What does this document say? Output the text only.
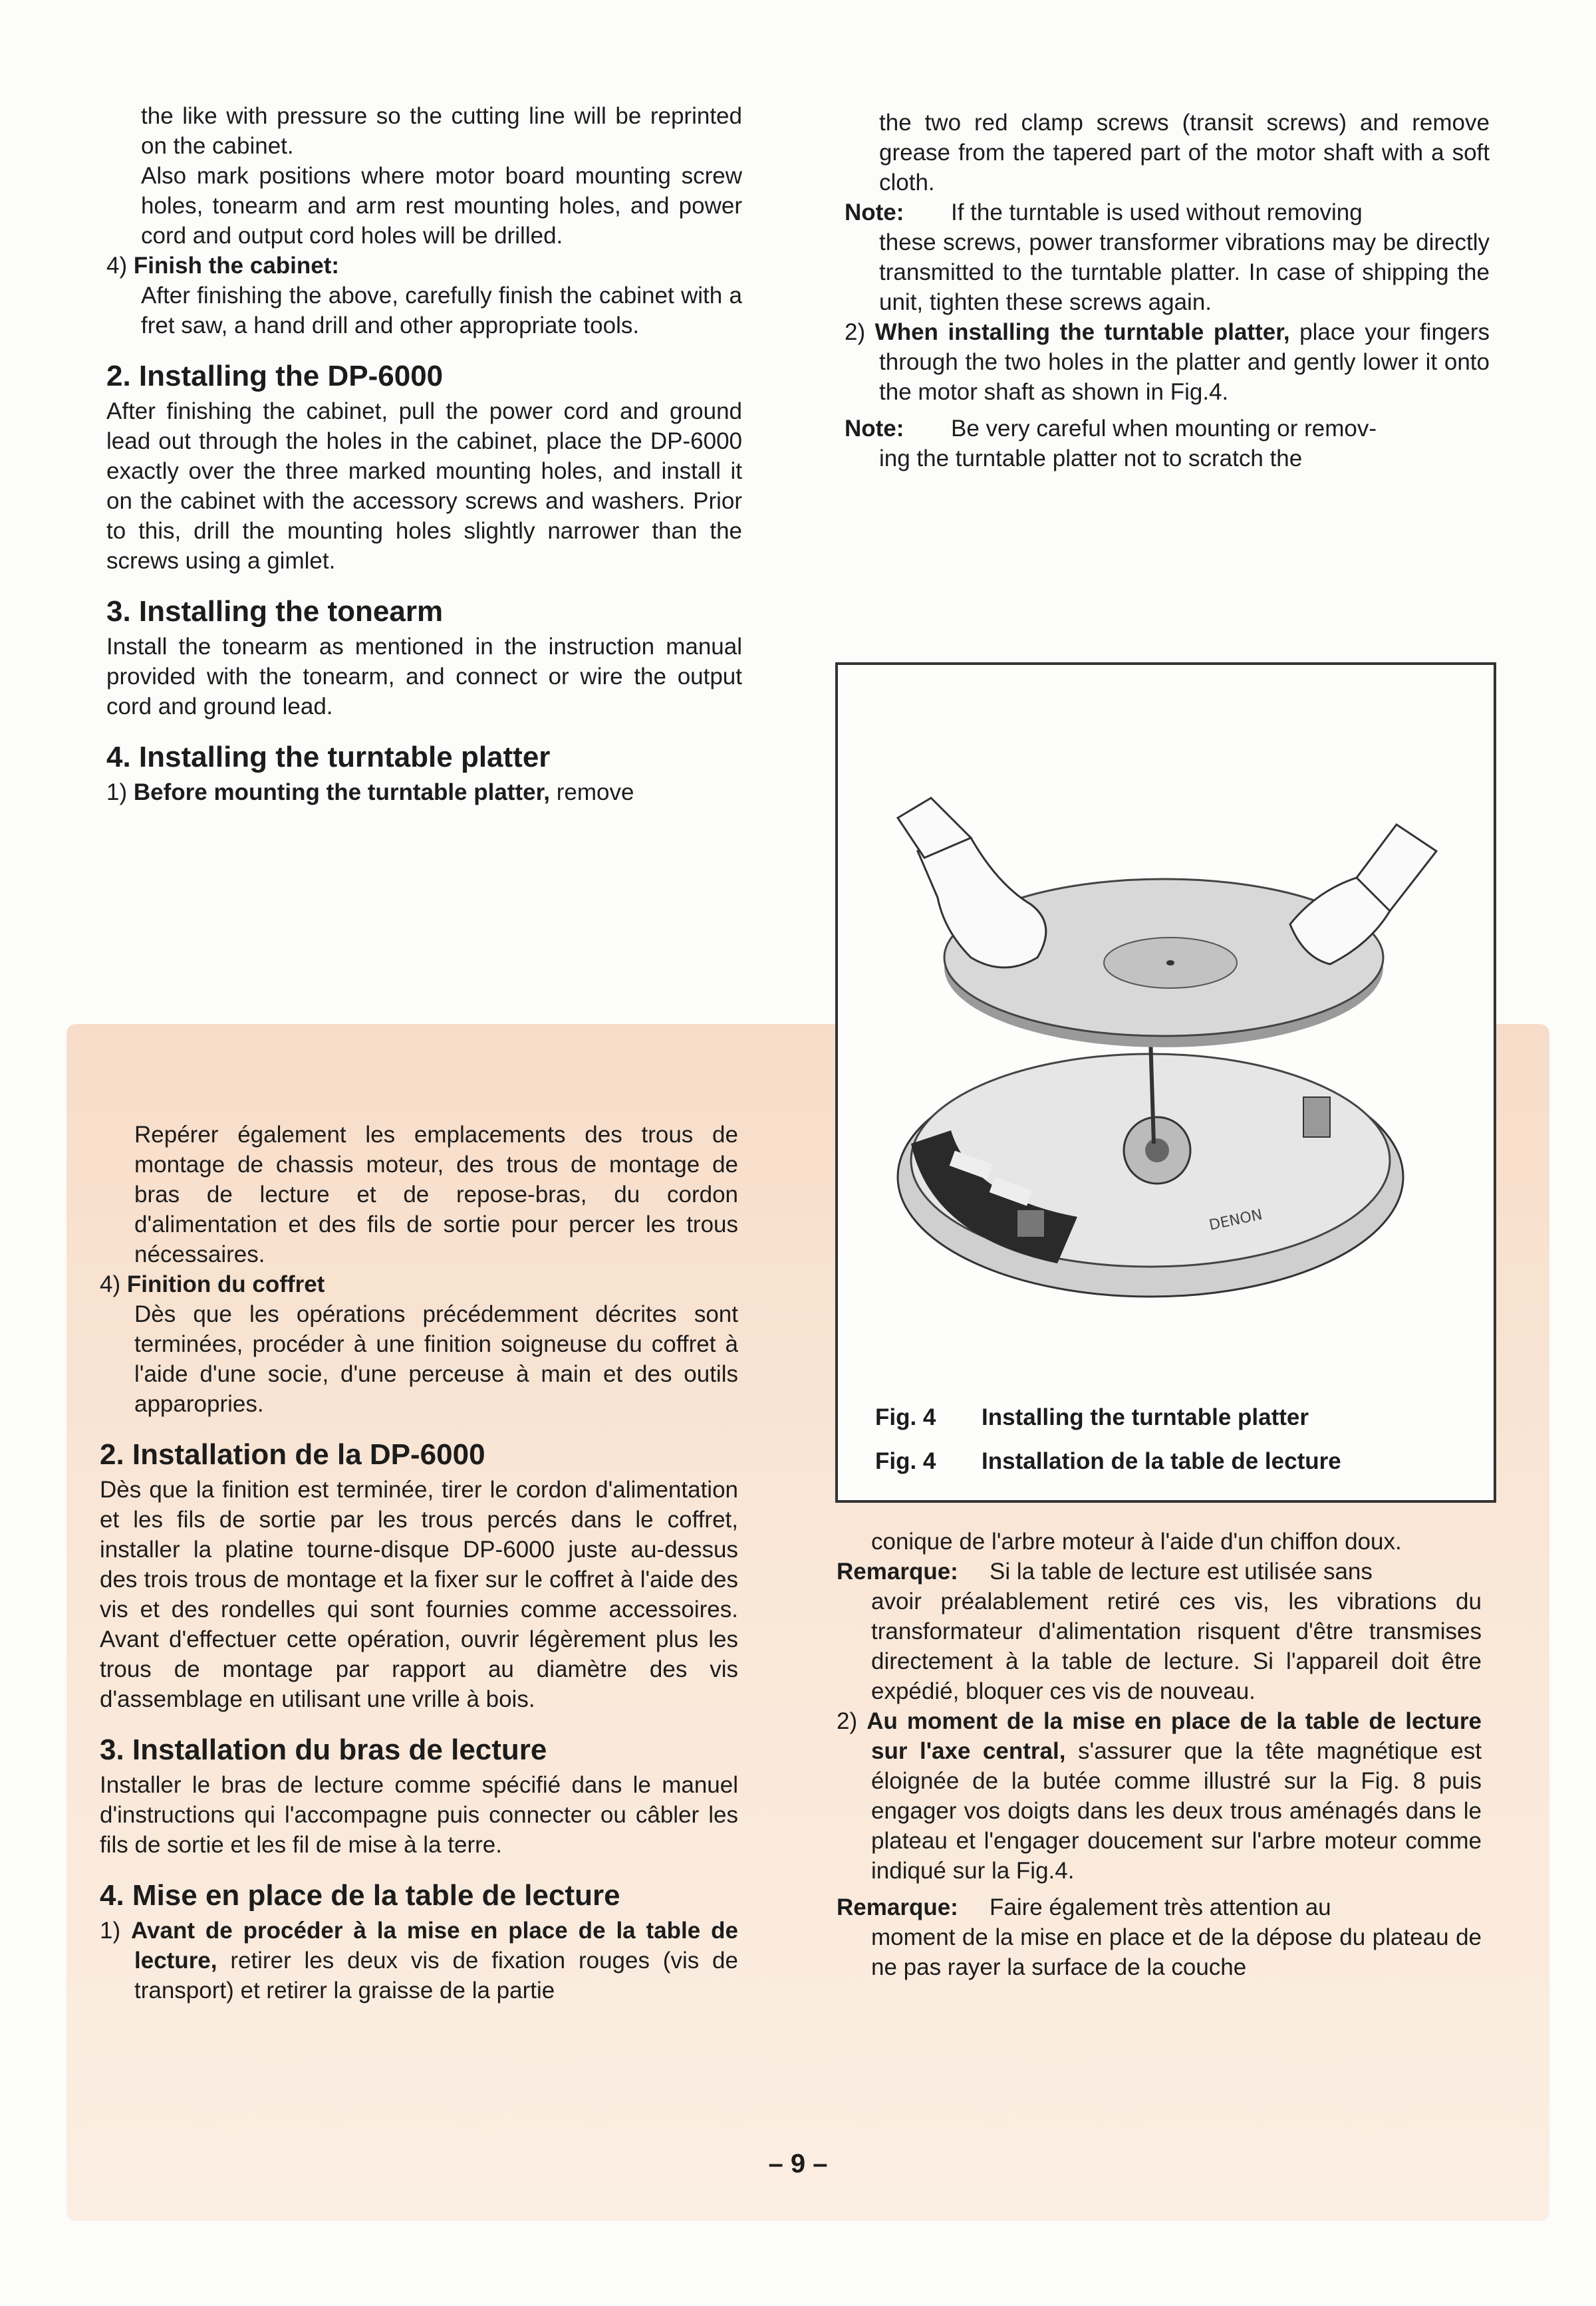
the like with pressure so the cutting line will be reprinted on the cabinet.

Also mark positions where motor board mounting screw holes, tonearm and arm rest mounting holes, and power cord and output cord holes will be drilled.

4) Finish the cabinet:

After finishing the above, carefully finish the cabinet with a fret saw, a hand drill and other appropriate tools.

2. Installing the DP-6000

After finishing the cabinet, pull the power cord and ground lead out through the holes in the cabinet, place the DP-6000 exactly over the three marked mounting holes, and install it on the cabinet with the accessory screws and washers. Prior to this, drill the mounting holes slightly narrower than the screws using a gimlet.

3. Installing the tonearm

Install the tonearm as mentioned in the instruction manual provided with the tonearm, and connect or wire the output cord and ground lead.

4. Installing the turntable platter

1) Before mounting the turntable platter, remove

the two red clamp screws (transit screws) and remove grease from the tapered part of the motor shaft with a soft cloth.

Note:	If the turntable is used without removing

these screws, power transformer vibrations may be directly transmitted to the turntable platter. In case of shipping the unit, tighten these screws again.

2) When installing the turntable platter, place your fingers through the two holes in the platter and gently lower it onto the motor shaft as shown in Fig.4.

Note:	Be very careful when mounting or remov-

ing the turntable platter not to scratch the

DENON
Fig. 4	Installing the turntable platter
Fig. 4	Installation de la table de lecture

Repérer également les emplacements des trous de montage de chassis moteur, des trous de montage de bras de lecture et de repose-bras, du cordon d'alimentation et des fils de sortie pour percer les trous nécessaires.

4) Finition du coffret

Dès que les opérations précédemment décrites sont terminées, procéder à une finition soigneuse du coffret à l'aide d'une socie, d'une perceuse à main et des outils apparopries.

2. Installation de la DP-6000

Dès que la finition est terminée, tirer le cordon d'alimentation et les fils de sortie par les trous percés dans le coffret, installer la platine tourne-disque DP-6000 juste au-dessus des trois trous de montage et la fixer sur le coffret à l'aide des vis et des rondelles qui sont fournies comme accessoires. Avant d'effectuer cette opération, ouvrir légèrement plus les trous de montage par rapport au diamètre des vis d'assemblage en utilisant une vrille à bois.

3. Installation du bras de lecture

Installer le bras de lecture comme spécifié dans le manuel d'instructions qui l'accompagne puis connecter ou câbler les fils de sortie et les fil de mise à la terre.

4. Mise en place de la table de lecture

1) Avant de procéder à la mise en place de la table de lecture, retirer les deux vis de fixation rouges (vis de transport) et retirer la graisse de la partie

conique de l'arbre moteur à l'aide d'un chiffon doux.

Remarque:	Si la table de lecture est utilisée sans

avoir préalablement retiré ces vis, les vibrations du transformateur d'alimentation risquent d'être transmises directement à la table de lecture. Si l'appareil doit être expédié, bloquer ces vis de nouveau.

2) Au moment de la mise en place de la table de lecture sur l'axe central, s'assurer que la tête magnétique est éloignée de la butée comme illustré sur la Fig. 8 puis engager vos doigts dans les deux trous aménagés dans le plateau et l'engager doucement sur l'arbre moteur comme indiqué sur la Fig.4.

Remarque:	Faire également très attention au

moment de la mise en place et de la dépose du plateau de ne pas rayer la surface de la couche

– 9 –
